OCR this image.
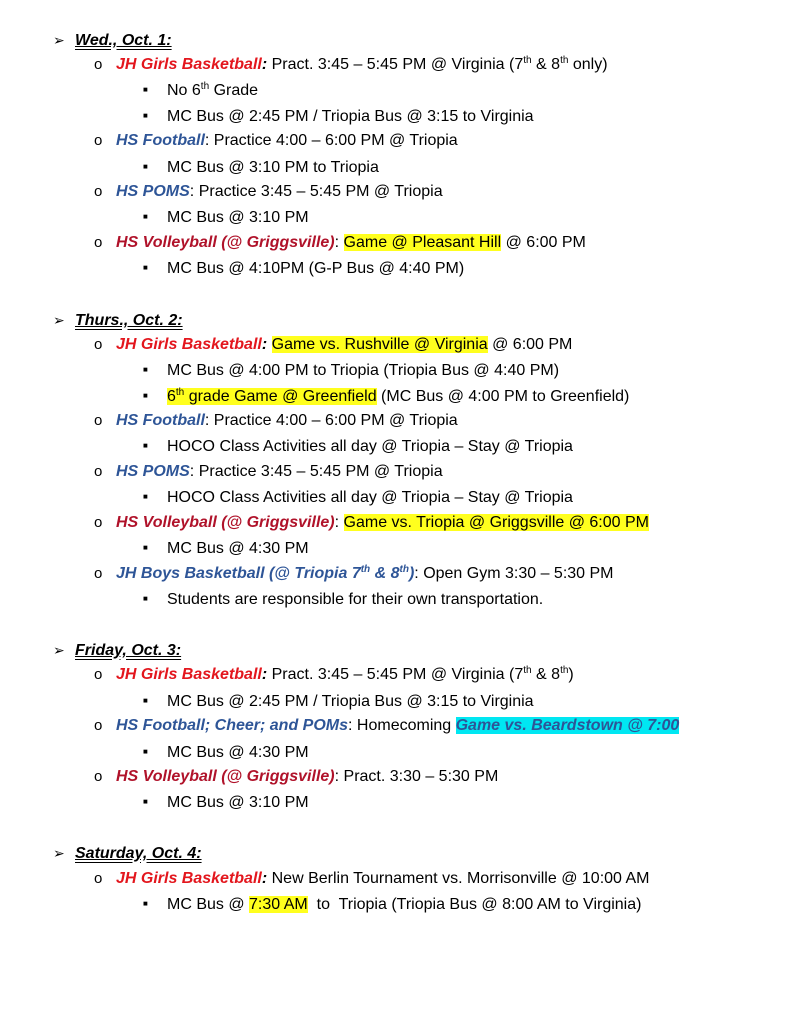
➢ Wed., Oct. 1:
o JH Girls Basketball: Pract. 3:45 – 5:45 PM @ Virginia (7th & 8th only)
■ No 6th Grade
■ MC Bus @ 2:45 PM / Triopia Bus @ 3:15 to Virginia
o HS Football: Practice 4:00 – 6:00 PM @ Triopia
■ MC Bus @ 3:10 PM to Triopia
o HS POMS: Practice 3:45 – 5:45 PM @ Triopia
■ MC Bus @ 3:10 PM
o HS Volleyball (@ Griggsville): Game @ Pleasant Hill @ 6:00 PM
■ MC Bus @ 4:10PM (G-P Bus @ 4:40 PM)
➢ Thurs., Oct. 2:
o JH Girls Basketball: Game vs. Rushville @ Virginia @ 6:00 PM
■ MC Bus @ 4:00 PM to Triopia (Triopia Bus @ 4:40 PM)
■ 6th grade Game @ Greenfield (MC Bus @ 4:00 PM to Greenfield)
o HS Football: Practice 4:00 – 6:00 PM @ Triopia
■ HOCO Class Activities all day @ Triopia – Stay @ Triopia
o HS POMS: Practice 3:45 – 5:45 PM @ Triopia
■ HOCO Class Activities all day @ Triopia – Stay @ Triopia
o HS Volleyball (@ Griggsville): Game vs. Triopia @ Griggsville @ 6:00 PM
■ MC Bus @ 4:30 PM
o JH Boys Basketball (@ Triopia 7th & 8th): Open Gym 3:30 – 5:30 PM
■ Students are responsible for their own transportation.
➢ Friday, Oct. 3:
o JH Girls Basketball: Pract. 3:45 – 5:45 PM @ Virginia (7th & 8th)
■ MC Bus @ 2:45 PM / Triopia Bus @ 3:15 to Virginia
o HS Football; Cheer; and POMs: Homecoming Game vs. Beardstown @ 7:00
■ MC Bus @ 4:30 PM
o HS Volleyball (@ Griggsville): Pract. 3:30 – 5:30 PM
■ MC Bus @ 3:10 PM
➢ Saturday, Oct. 4:
o JH Girls Basketball: New Berlin Tournament vs. Morrisonville @ 10:00 AM
■ MC Bus @ 7:30 AM  to  Triopia (Triopia Bus @ 8:00 AM to Virginia)
